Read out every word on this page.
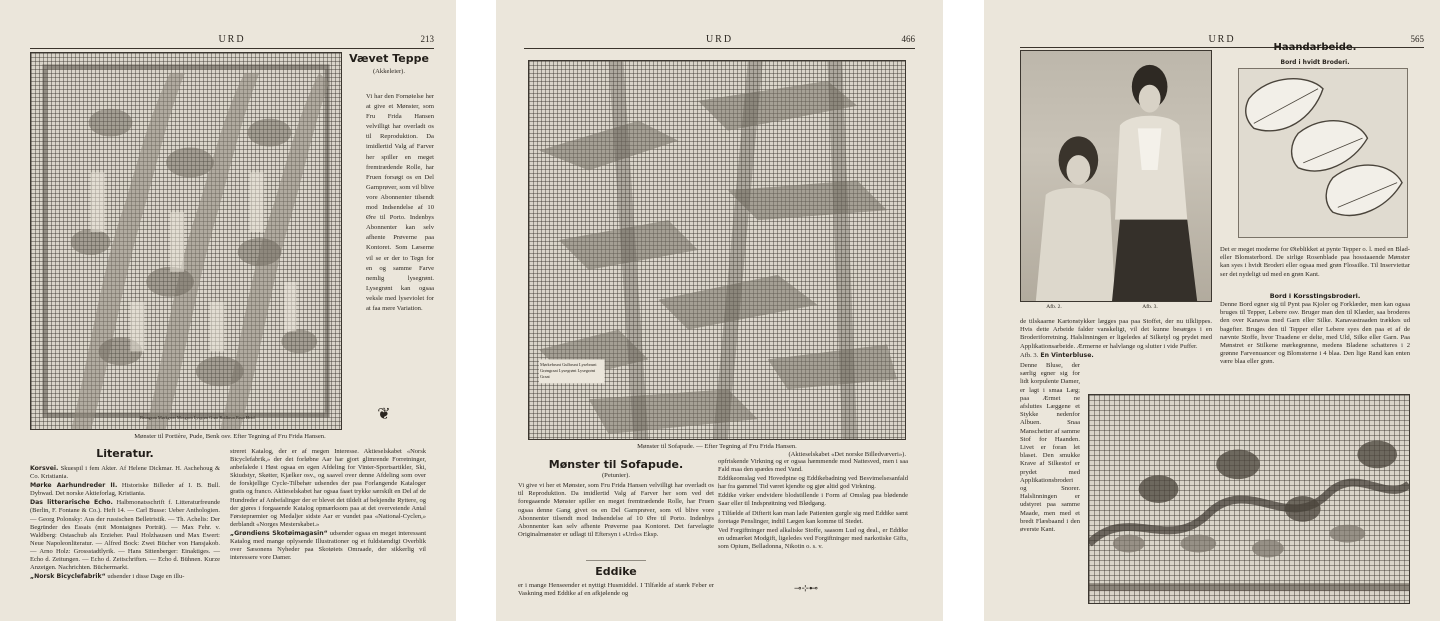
URD	213
Brungrøn Mørkgrøn Mosgrøn Lysgrøn Grøn Rødbrun Brun Hvid	❦
Vævet Teppe
(Akkeleier).
Vi har den Fornøielse her at give et Mønster, som Fru Frida Hansen velvilligt har overladt os til Reproduktion. Da imidlertid Valg af Farver her spiller en meget fremtrædende Rolle, har Fruen forsøgt os en Del Garnprøver, som vil blive vore Abonnenter tilsendt mod Indsendelse af 10 Øre til Porto. Indenbys Abonnenter kan selv afhente Prøverne paa Kontoret. Som Læserne vil se er der to Tegn for en og samme Farve nemlig lysegrønt. Lysegrønt kan ogsaa veksle med lyseviolet for at faa mere Variation.
Mønster til Portière, Pude, Benk osv. Efter Tegning af Fru Frida Hansen.
Literatur.

Korsvei. Skuespil i fem Akter. Af Helene Dickmar. H. Aschehoug & Co. Kristiania.

Mørke Aarhundreder II. Historiske Billeder af I. B. Bull. Dybwad. Det norske Aktieforlag, Kristiania.

Das litterarische Echo. Halbmonatsschrift f. Litteraturfreunde (Berlin, F. Fontane & Co.). Heft 14. — Carl Busse: Ueber Anthologien. — Georg Polonsky: Aus der russischen Belletristik. — Th. Achelis: Der Begründer des Essais (mit Montaignes Porträt). — Max Fehr. v. Waldberg: Ostaschub als Erzieher. Paul Holzhausen und Max Ewert: Neue Napoleonliteratur. — Alfred Bock: Zwei Bücher von Hansjakob. — Arno Holz: Grossstadtlyrik. — Hans Sittenberger: Einaktiges. — Echo d. Zeitungen. — Echo d. Zeitschriften. — Echo d. Bühnen. Kurze Anzeigen. Nachrichten. Büchermarkt.

„Norsk Bicyclefabrik“ udsender i disse Dage en illu-

streret Katalog, der er af megen Interesse. Aktieselskabet «Norsk Bicyclefabrik,» der det forløbne Aar har gjort glimrende Forretninger, anbefalede i Høst ogsaa en egen Afdeling for Vinter-Sportsartikler, Ski, Skiudstyr, Skøiter, Kjælker osv., og saavel over denne Afdeling som over de forskjellige Cycle-Tilbehør udsendes der paa Forlangende Kataloger gratis og franco. Aktieselskabet har ogsaa faaet trykke særskilt en Del af de Hundreder af Anbefalinger der er blevet det tildelt af bekjendte Ryttere, og der gjøres i forgaaende Katalog opmærksom paa at det overveiende Antal Førstepræmier og Medaljer sidste Aar er vundet paa «National-Cyclen,» derblandt «Norges Mesterskabet.»

„Grøndiens Skotøimagasin“ udsender ogsaa en meget interessant Katalog med mange oplysende Illustrationer og et fuldstændigt Overblik over Sæsonens Nyheder paa Skotøiets Omraade, der sikkerlig vil interessere vore Damer.

URD	466
Mørkebrunt Gulbrunt Lysebrunt Grøngraat Lysegrønt Lysegrønt Graat
Mønster til Sofapude. — Efter Tegning af Fru Frida Hansen.
(Aktieselskabet «Det norske Billedvæveri»).
Mønster til Sofapude.
(Petunier).
Vi give vi her et Mønster, som Fru Frida Hansen velvilligt har overladt os til Reproduktion. Da imidlertid Valg af Farver her som ved det foregaaende Mønster spiller en meget fremtrædende Rolle, har Fruen ogsaa denne Gang givet os en Del Garnprøver, som vil blive vore Abonnenter tilsendt mod Indsendelse af 10 Øre til Porto. Indenbys Abonnenter kan selv afhente Prøverne paa Kontoret. Det farvelagte Originalmønster er udlagt til Eftersyn i «Urd»s Eksp.
Eddike
er i mange Henseender et nyttigt Husmiddel. I Tilfælde af stærk Feber er Vaskning med Eddike af en afkjølende og

opfriskende Virkning og er ogsaa hæmmende mod Nattesved, men i saa Fald maa den spædes med Vand.

Eddikeomslag ved Hovedpine og Eddikebadning ved Besvimelsesanfald har fra gammel Tid været kjendte og gjør altid god Virkning.

Eddike virker endvidere blodstillende i Form af Omslag paa blødende Saar eller til Indsprøitning ved Blødgang.

I Tilfælde af Difterit kan man lade Patienten gurgle sig med Eddike samt foretage Penslinger, indtil Lægen kan komme til Stedet.

Ved Forgiftninger med alkaliske Stoffe, saasom Lud og deal., er Eddike en udmærket Modgift, ligeledes ved Forgiftninger med narkotiske Gifts, som Opium, Belladonna, Nikotin o. s. v.

⊸⊹⊷
URD	565
Afb. 2.	Afb. 3.
Haandarbeide.
Bord i hvidt Broderi.
Det er meget moderne for Øieblikket at pynte Tepper o. l. med en Blad- eller Blomsterbord. De sirlige Rosenblade paa hosstaaende Mønster kan syes i hvidt Broderi eller ogsaa med grøn Flossilke. Til Inserviettar ser det nydeligt ud med en grøn Kant.
Bord i Korsstingsbroderi.
Denne Bord egner sig til Pynt paa Kjoler og Forklæder, men kan ogsaa bruges til Tepper, Lebere osv. Bruger man den til Klæder, saa broderes den over Kanavas med Garn eller Silke. Kanavastraaden trækkes ud bagefter. Bruges den til Tepper eller Lebere syes den paa et af de nævnte Stoffe, hvor Traadene er delte, med Uld, Silke eller Garn. Paa Mønstret er Stilkene mørkegrønne, medens Bladene schatteres i 2 grønne Farvenuancer og Blomsterne i 4 blaa. Den lige Rand kan enten være blaa eller grøn.
de tilskaarne Kartonstykker lægges paa paa Stoffet, der nu tilklippes. Hvis dette Arbeide falder vanskeligt, vil det kunne besørges i en Broderiforretning. Halslinningen er ligeledes af Silketyl og prydet med Applikationsarbeide. Ærmerne er halvlange og slutter i vide Puffer.

Afb. 3. En Vinterbluse.

Denne Bluse, der særlig egner sig for lidt korpulente Damer, er lagt i smaa Læg; paa Ærmet ne afsluttes Læggene et Stykke nedenfor Albuen. Snaa Manschetter af samme Stof for Haanden. Livet er foran let blaset. Den smukke Krave af Silkestof er prydet med Applikationsbroderi og Snorer. Halslinningen er udstyret paa samme Maade, men med et bredt Flæsbaand i den øverste Kant.
